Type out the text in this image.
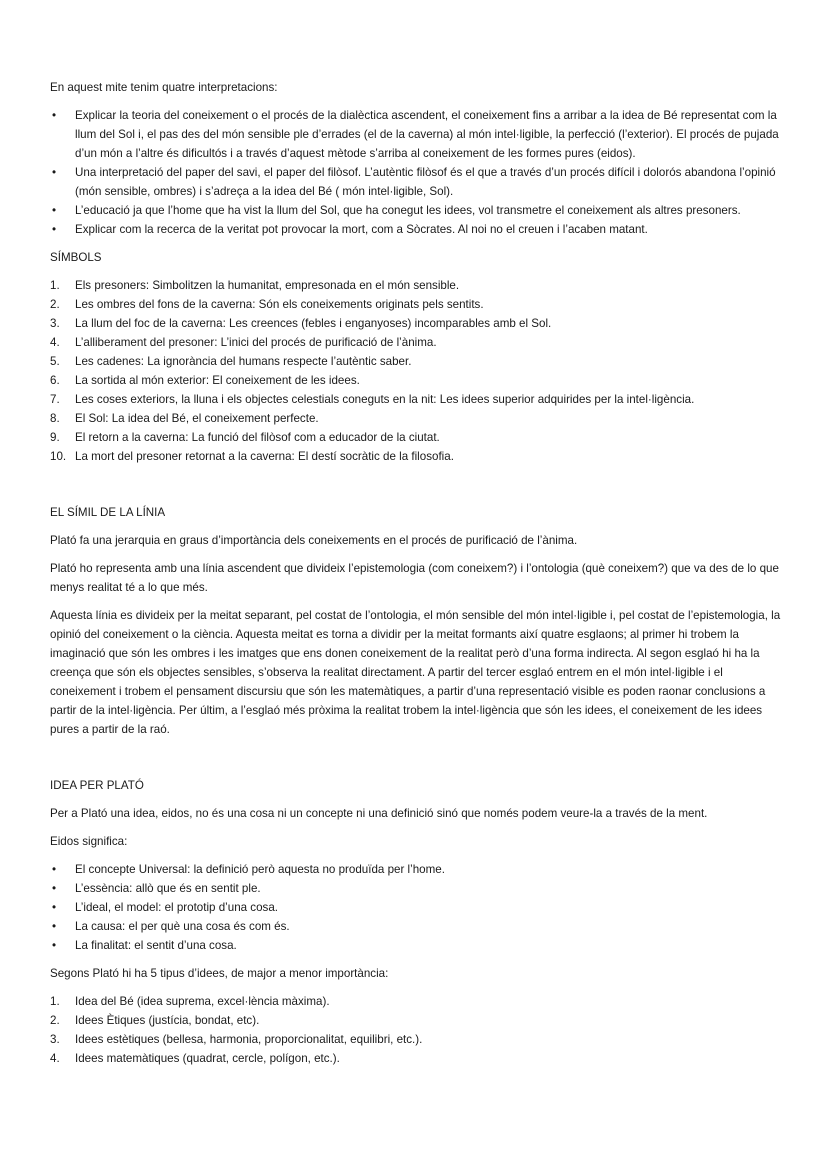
En aquest mite tenim quatre interpretacions:

• Explicar la teoria del coneixement o el procés de la dialèctica ascendent, el coneixement fins a arribar a la idea de Bé representat com la llum del Sol i, el pas des del món sensible ple d’errades (el de la caverna) al món intel·ligible, la perfecció (l’exterior). El procés de pujada d’un món a l’altre és dificultós i a través d’aquest mètode s’arriba al coneixement de les formes pures (eidos).
• Una interpretació del paper del savi, el paper del filòsof. L’autèntic filòsof és el que a través d’un procés difícil i dolorós abandona l’opinió (món sensible, ombres) i s’adreça a la idea del Bé ( món intel·ligible, Sol).
• L’educació ja que l’home que ha vist la llum del Sol, que ha conegut les idees, vol transmetre el coneixement als altres presoners.
• Explicar com la recerca de la veritat pot provocar la mort, com a Sòcrates. Al noi no el creuen i l’acaben matant.

SÍMBOLS

1. Els presoners: Simbolitzen la humanitat, empresonada en el món sensible.
2. Les ombres del fons de la caverna: Són els coneixements originats pels sentits.
3. La llum del foc de la caverna: Les creences (febles i enganyoses) incomparables amb el Sol.
4. L’alliberament del presoner: L’inici del procés de purificació de l’ànima.
5. Les cadenes: La ignorància del humans respecte l’autèntic saber.
6. La sortida al món exterior: El coneixement de les idees.
7. Les coses exteriors, la lluna i els objectes celestials coneguts en la nit: Les idees superior adquirides per la intel·ligència.
8. El Sol: La idea del Bé, el coneixement perfecte.
9. El retorn a la caverna: La funció del filòsof com a educador de la ciutat.
10. La mort del presoner retornat a la caverna: El destí socràtic de la filosofia.

EL SÍMIL DE LA LÍNIA

Plató fa una jerarquia en graus d’importància dels coneixements en el procés de purificació de l’ànima.

Plató ho representa amb una línia ascendent que divideix l’epistemologia (com coneixem?) i l’ontologia (què coneixem?) que va des de lo que menys realitat té a lo que més.

Aquesta línia es divideix per la meitat separant, pel costat de l’ontologia, el món sensible del món intel·ligible i, pel costat de l’epistemologia, la opinió del coneixement o la ciència. Aquesta meitat es torna a dividir per la meitat formants així quatre esglaons; al primer hi trobem la imaginació que són les ombres i les imatges que ens donen coneixement de la realitat però d’una forma indirecta. Al segon esglaó hi ha la creença que són els objectes sensibles, s’observa la realitat directament. A partir del tercer esglaó entrem en el món intel·ligible i el coneixement i trobem el pensament discursiu que són les matemàtiques, a partir d’una representació visible es poden raonar conclusions a partir de la intel·ligència. Per últim, a l’esglaó més pròxima la realitat trobem la intel·ligència que són les idees, el coneixement de les idees pures a partir de la raó.

IDEA PER PLATÓ

Per a Plató una idea, eidos, no és una cosa ni un concepte ni una definició sinó que només podem veure-la a través de la ment.

Eidos significa:

• El concepte Universal: la definició però aquesta no produïda per l’home.
• L’essència: allò que és en sentit ple.
• L’ideal, el model: el prototip d’una cosa.
• La causa: el per què una cosa és com és.
• La finalitat: el sentit d’una cosa.

Segons Plató hi ha 5 tipus d’idees, de major a menor importància:

1. Idea del Bé (idea suprema, excel·lència màxima).
2. Idees Ètiques (justícia, bondat, etc).
3. Idees estètiques (bellesa, harmonia, proporcionalitat, equilibri, etc.).
4. Idees matemàtiques (quadrat, cercle, polígon, etc.).
